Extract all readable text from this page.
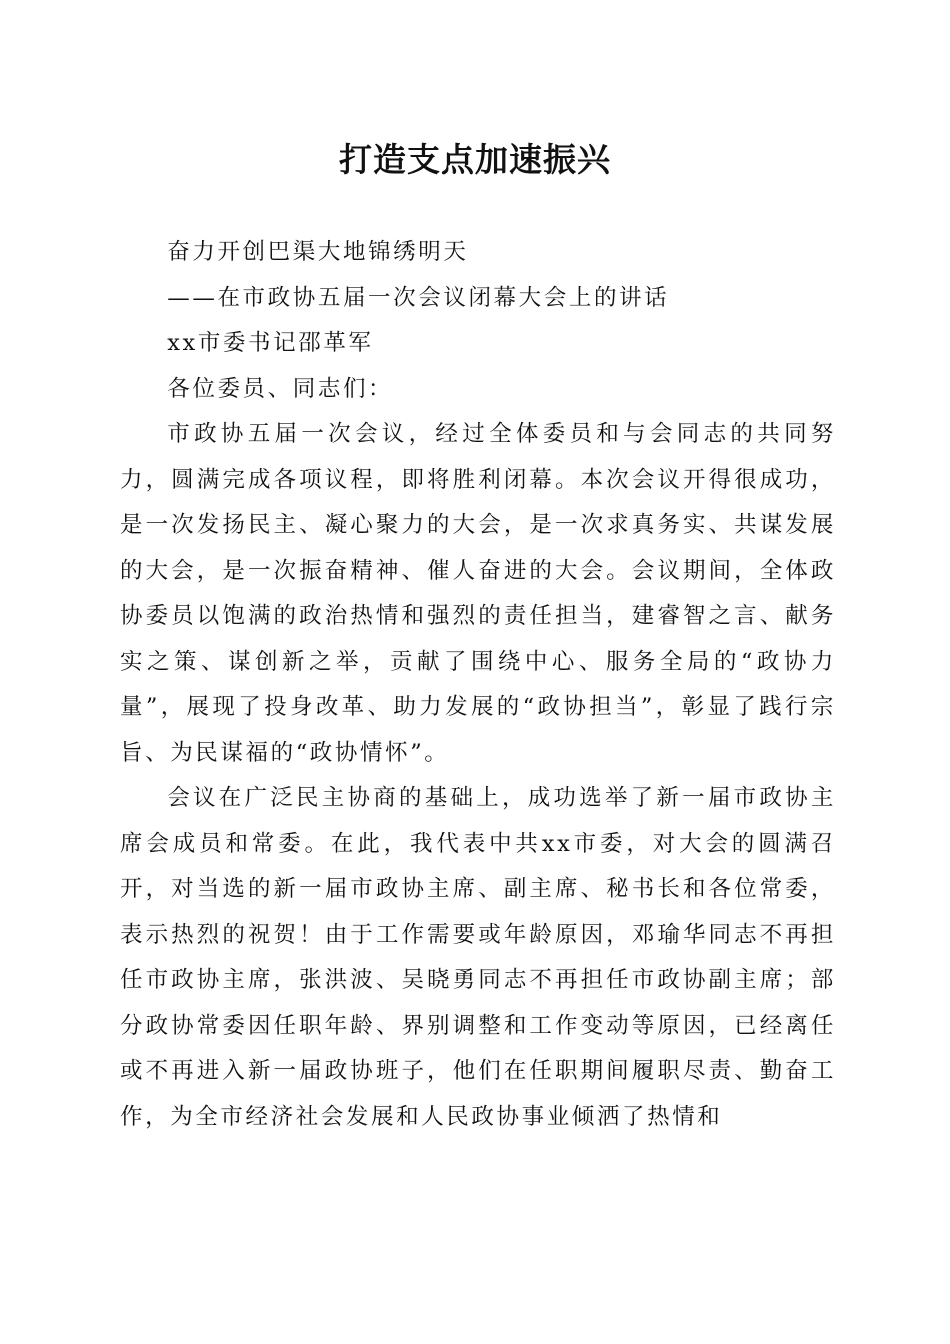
打造支点加速振兴

奋力开创巴渠大地锦绣明天

——在市政协五届一次会议闭幕大会上的讲话

xx市委书记邵革军

各位委员、同志们：

市政协五届一次会议，经过全体委员和与会同志的共同努力，圆满完成各项议程，即将胜利闭幕。本次会议开得很成功，是一次发扬民主、凝心聚力的大会，是一次求真务实、共谋发展的大会，是一次振奋精神、催人奋进的大会。会议期间，全体政协委员以饱满的政治热情和强烈的责任担当，建睿智之言、献务实之策、谋创新之举，贡献了围绕中心、服务全局的“政协力量”，展现了投身改革、助力发展的“政协担当”，彰显了践行宗旨、为民谋福的“政协情怀”。

会议在广泛民主协商的基础上，成功选举了新一届市政协主席会成员和常委。在此，我代表中共xx市委，对大会的圆满召开，对当选的新一届市政协主席、副主席、秘书长和各位常委，表示热烈的祝贺！由于工作需要或年龄原因，邓瑜华同志不再担任市政协主席，张洪波、吴晓勇同志不再担任市政协副主席；部分政协常委因任职年龄、界别调整和工作变动等原因，已经离任或不再进入新一届政协班子，他们在任职期间履职尽责、勤奋工作，为全市经济社会发展和人民政协事业倾洒了热情和
